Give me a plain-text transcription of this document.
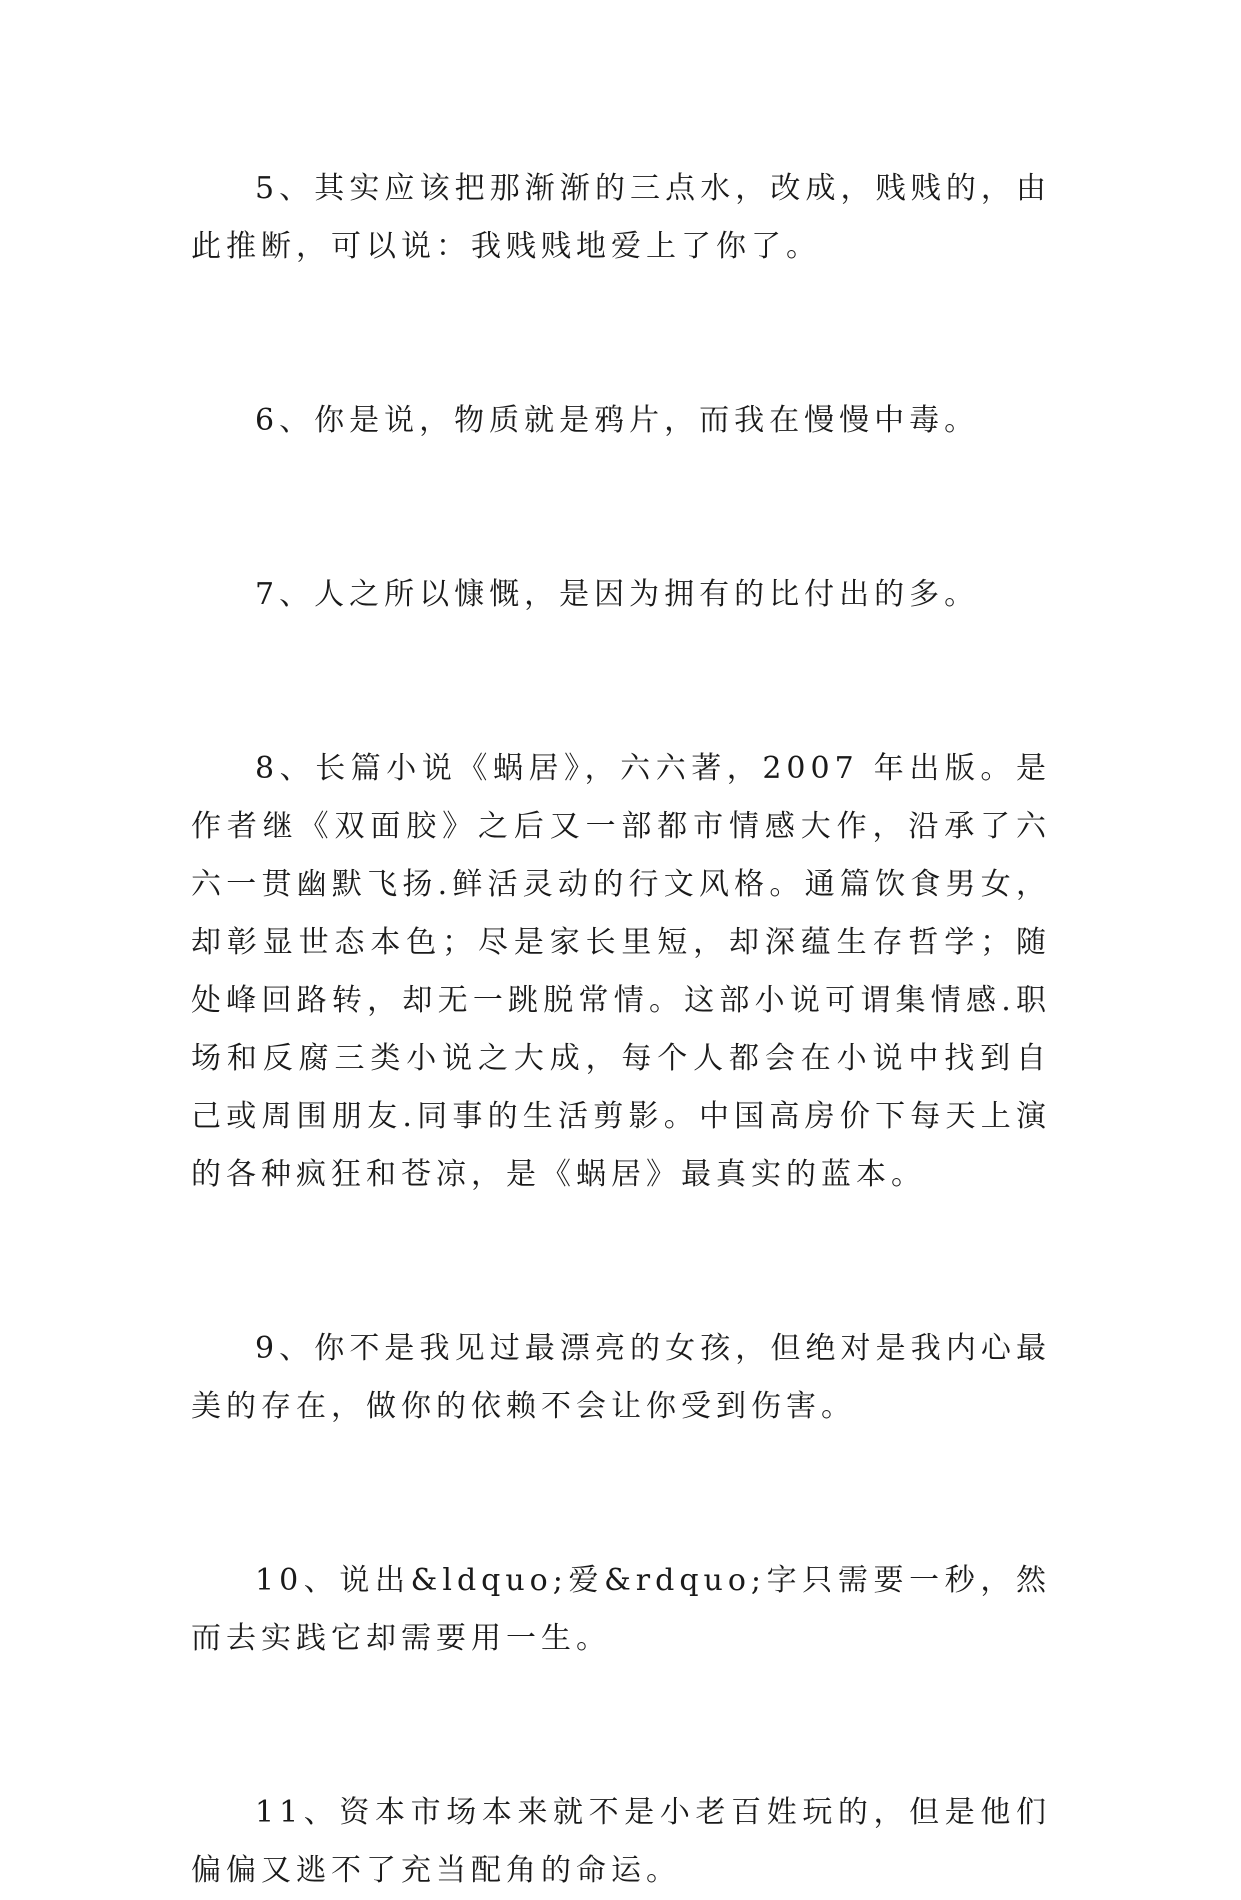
5、其实应该把那渐渐的三点水，改成，贱贱的，由此推断，可以说：我贱贱地爱上了你了。

6、你是说，物质就是鸦片，而我在慢慢中毒。

7、人之所以慷慨，是因为拥有的比付出的多。

8、长篇小说《蜗居》，六六著，2007 年出版。是作者继《双面胶》之后又一部都市情感大作，沿承了六六一贯幽默飞扬.鲜活灵动的行文风格。通篇饮食男女，却彰显世态本色；尽是家长里短，却深蕴生存哲学；随处峰回路转，却无一跳脱常情。这部小说可谓集情感.职场和反腐三类小说之大成，每个人都会在小说中找到自己或周围朋友.同事的生活剪影。中国高房价下每天上演的各种疯狂和苍凉，是《蜗居》最真实的蓝本。

9、你不是我见过最漂亮的女孩，但绝对是我内心最美的存在，做你的依赖不会让你受到伤害。

10、说出&ldquo;爱&rdquo;字只需要一秒，然而去实践它却需要用一生。

11、资本市场本来就不是小老百姓玩的，但是他们偏偏又逃不了充当配角的命运。
